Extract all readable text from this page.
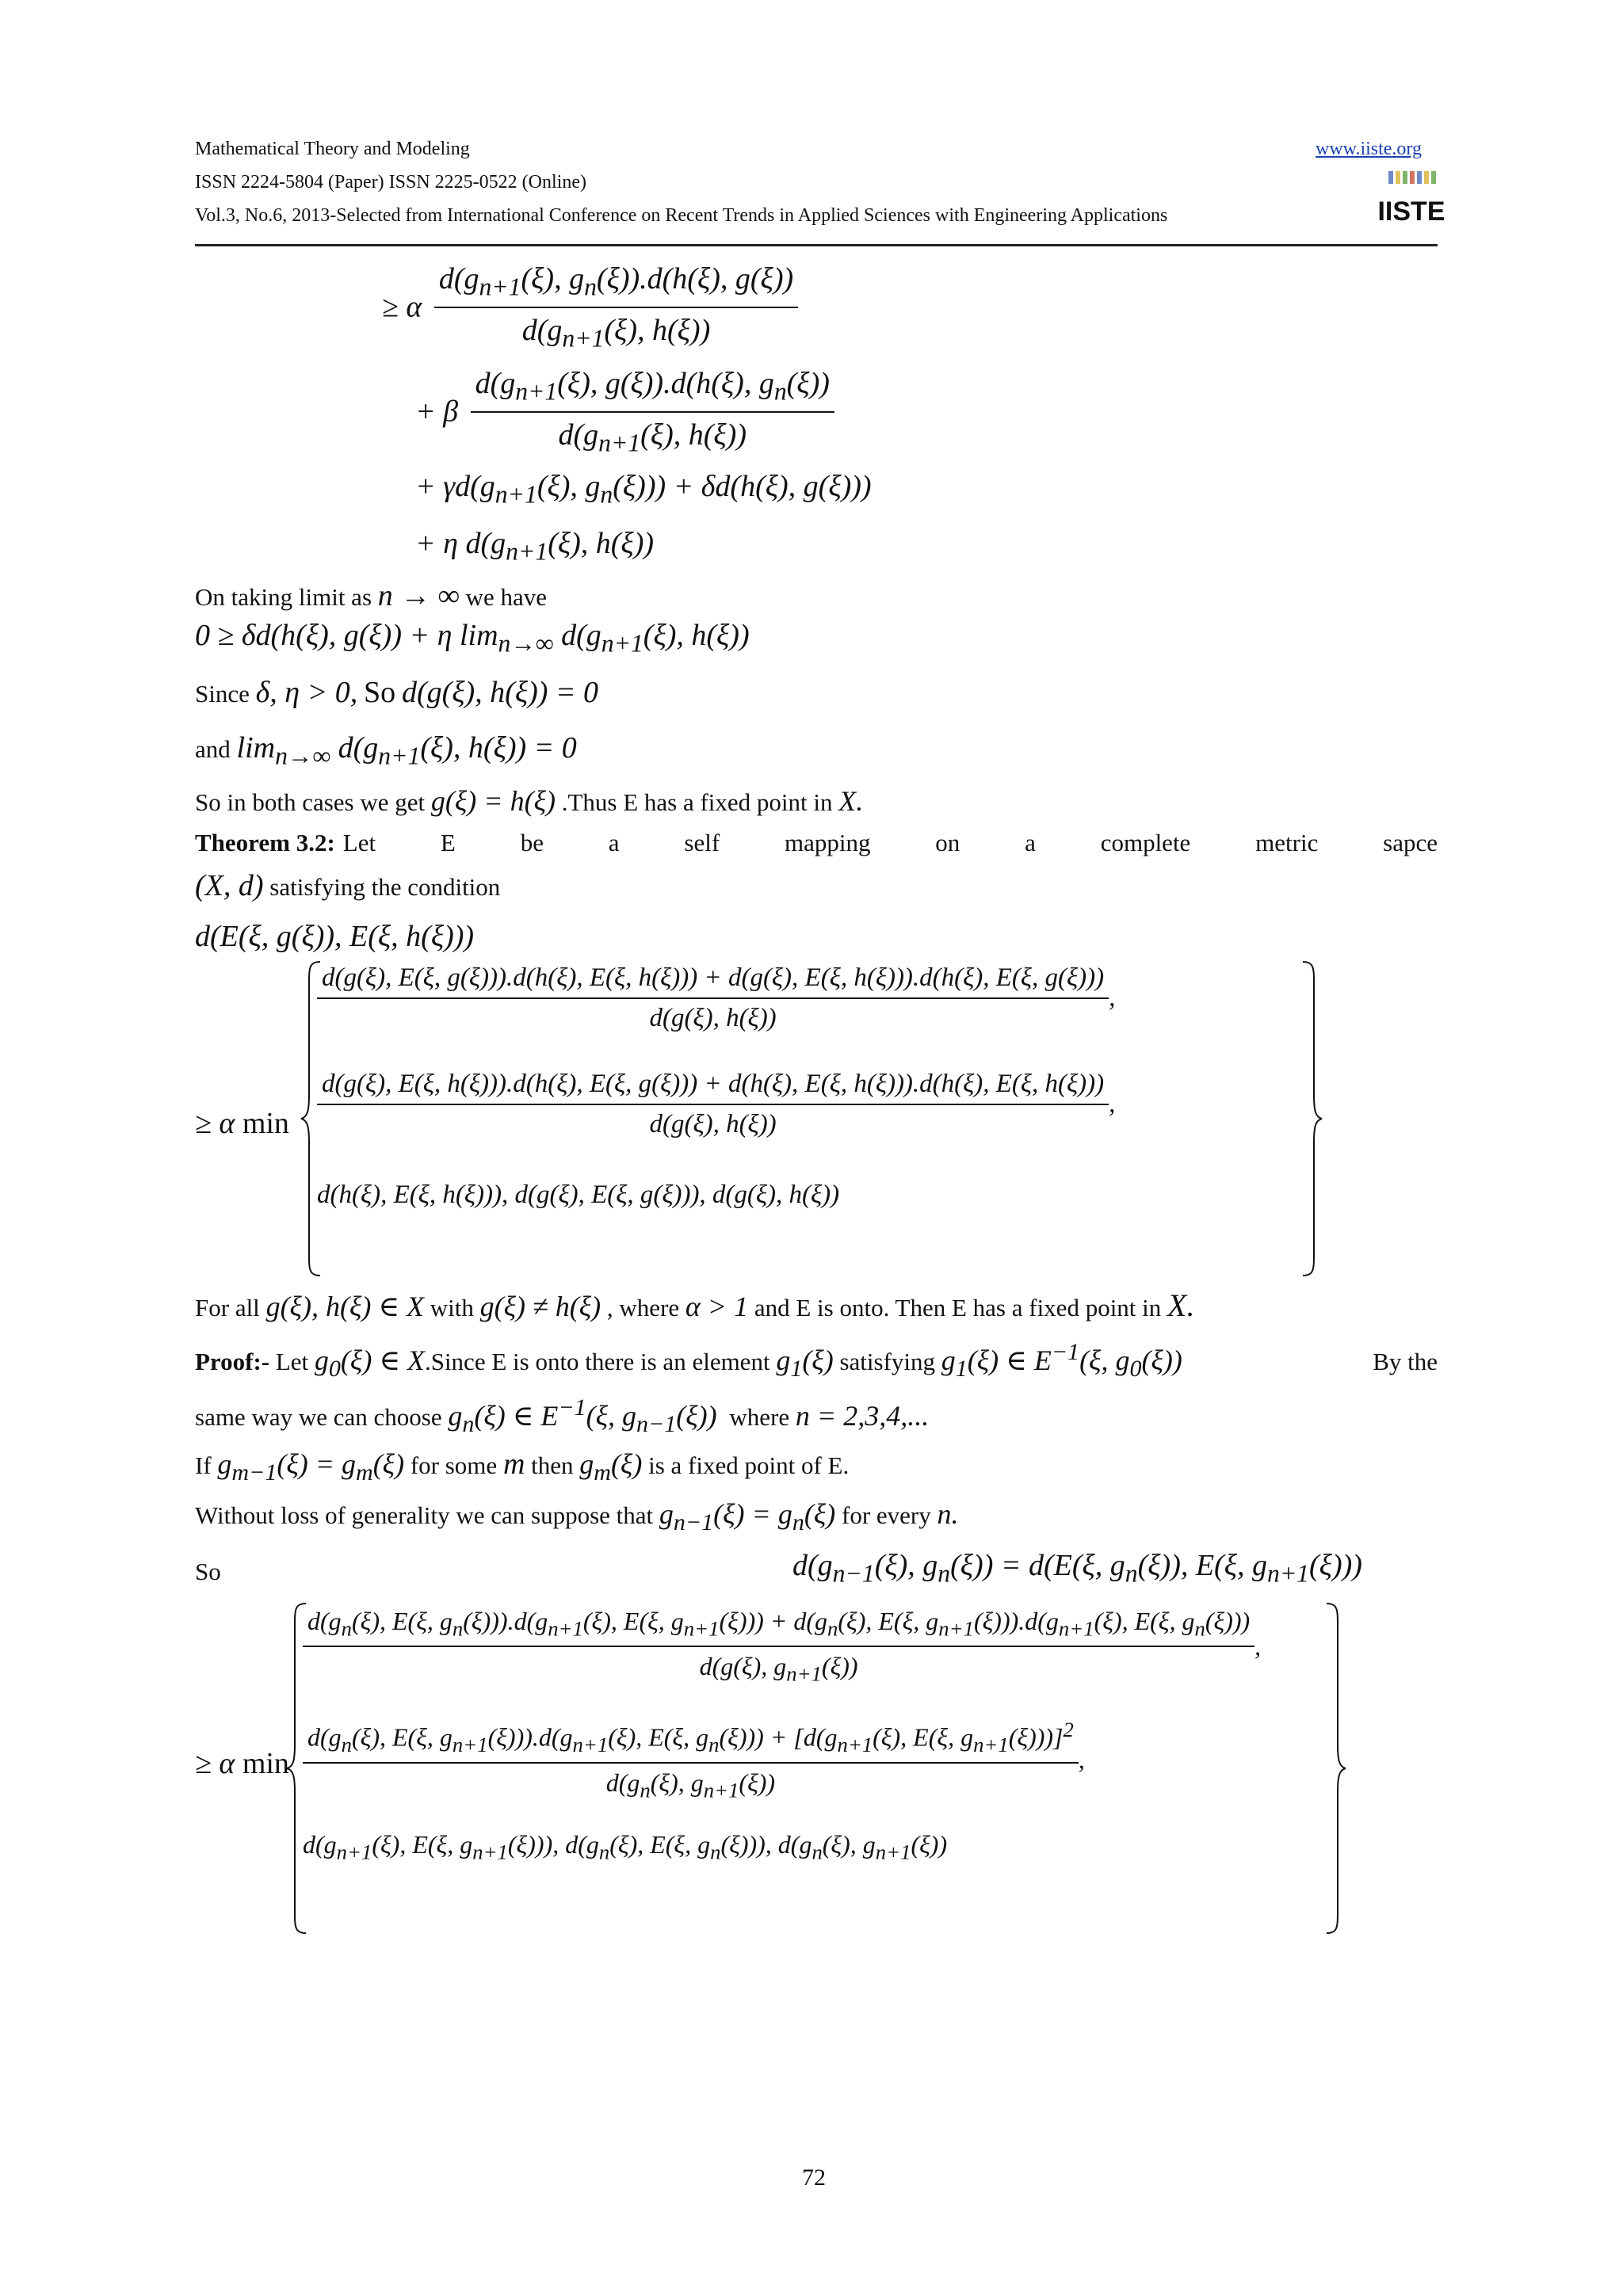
Mathematical Theory and Modeling	www.iiste.org
ISSN 2224-5804 (Paper) ISSN 2225-0522 (Online)
Vol.3, No.6, 2013-Selected from International Conference on Recent Trends in Applied Sciences with Engineering Applications	IISTE
≥ α $\frac{d(g_{n+1}(\xi), g_n(\xi)).d(h(\xi), g(\xi))}{d(g_{n+1}(\xi), h(\xi))}$
+ β $\frac{d(g_{n+1}(\xi), g(\xi)).d(h(\xi), g_n(\xi))}{d(g_{n+1}(\xi), h(\xi))}$
+ $\gamma d(g_{n+1}(\xi)$, $g_n(\xi))) + \delta d(h(\xi)$, g(ξ)))
+ η $d(g_{n+1}(\xi)$, h(ξ))
On taking limit as n → ∞ we have
0 ≥ δd(h(ξ), g(ξ)) + η $\lim_{n\to\infty} d(g_{n+1}(\xi)$, h(ξ))
Since δ, η > 0, So d(g(ξ), h(ξ)) = 0
and $\lim_{n\to\infty} d(g_{n+1}(\xi)$, h(ξ)) = 0
So in both cases we get g(ξ) = h(ξ) .Thus E has a fixed point in X.
Theorem 3.2: Let E be a self mapping on a complete metric sapce
(X, d) satisfying the condition
d(E(ξ, g(ξ)), E(ξ, h(ξ)))
≥ α min
d(g(ξ), E(ξ, g(ξ))).d(h(ξ), E(ξ, h(ξ))) + d(g(ξ), E(ξ, h(ξ))).d(h(ξ), E(ξ, g(ξ)))
d(g(ξ), h(ξ))
,
d(g(ξ), E(ξ, h(ξ))).d(h(ξ), E(ξ, g(ξ))) + d(h(ξ), E(ξ, h(ξ))).d(h(ξ), E(ξ, h(ξ)))
d(g(ξ), h(ξ))
,
d(h(ξ), E(ξ, h(ξ))), d(g(ξ), E(ξ, g(ξ))), d(g(ξ), h(ξ))
For all g(ξ), h(ξ) ∈ X with g(ξ) ≠ h(ξ) , where α > 1 and E is onto. Then E has a fixed point in X.
Proof:- Let $g_0(\xi)$ ∈ X.Since E is onto there is an element $g_1(\xi)$ satisfying $g_1(\xi)$ ∈ $E^{-1}(\xi$, $g_0(\xi)$)	By the
same way we can choose $g_n(\xi)$ ∈ $E^{-1}(\xi$, $g_{n-1}(\xi)$) where n = 2,3,4,...
If $g_{m-1}(\xi) = g_m(\xi)$ for some m then $g_m(\xi)$ is a fixed point of E.
Without loss of generality we can suppose that $g_{n-1}(\xi) = g_n(\xi)$ for every n.
So	$d(g_{n-1}(\xi)$, $g_n(\xi)) = d(E(\xi$, $g_n(\xi)$), E(ξ, $g_{n+1}(\xi)$))
≥ α min
$d(g_n(\xi)$, E(ξ, $g_n(\xi))).d(g_{n+1}(\xi)$, E(ξ, $g_{n+1}(\xi))) + d(g_n(\xi)$, E(ξ, $g_{n+1}(\xi))).d(g_{n+1}(\xi)$, E(ξ, $g_n(\xi)$))
d(g(ξ), $g_{n+1}(\xi)$)
,
$d(g_n(\xi)$, E(ξ, $g_{n+1}(\xi))).d(g_{n+1}(\xi)$, E(ξ, $g_n(\xi))) + [d(g_{n+1}(\xi)$, E(ξ, $g_{n+1}(\xi)))]^2$
$d(g_n(\xi)$, $g_{n+1}(\xi)$)
,
$d(g_{n+1}(\xi)$, E(ξ, $g_{n+1}(\xi)$)), $d(g_n(\xi)$, E(ξ, $g_n(\xi)$)), $d(g_n(\xi)$, $g_{n+1}(\xi)$)
72
